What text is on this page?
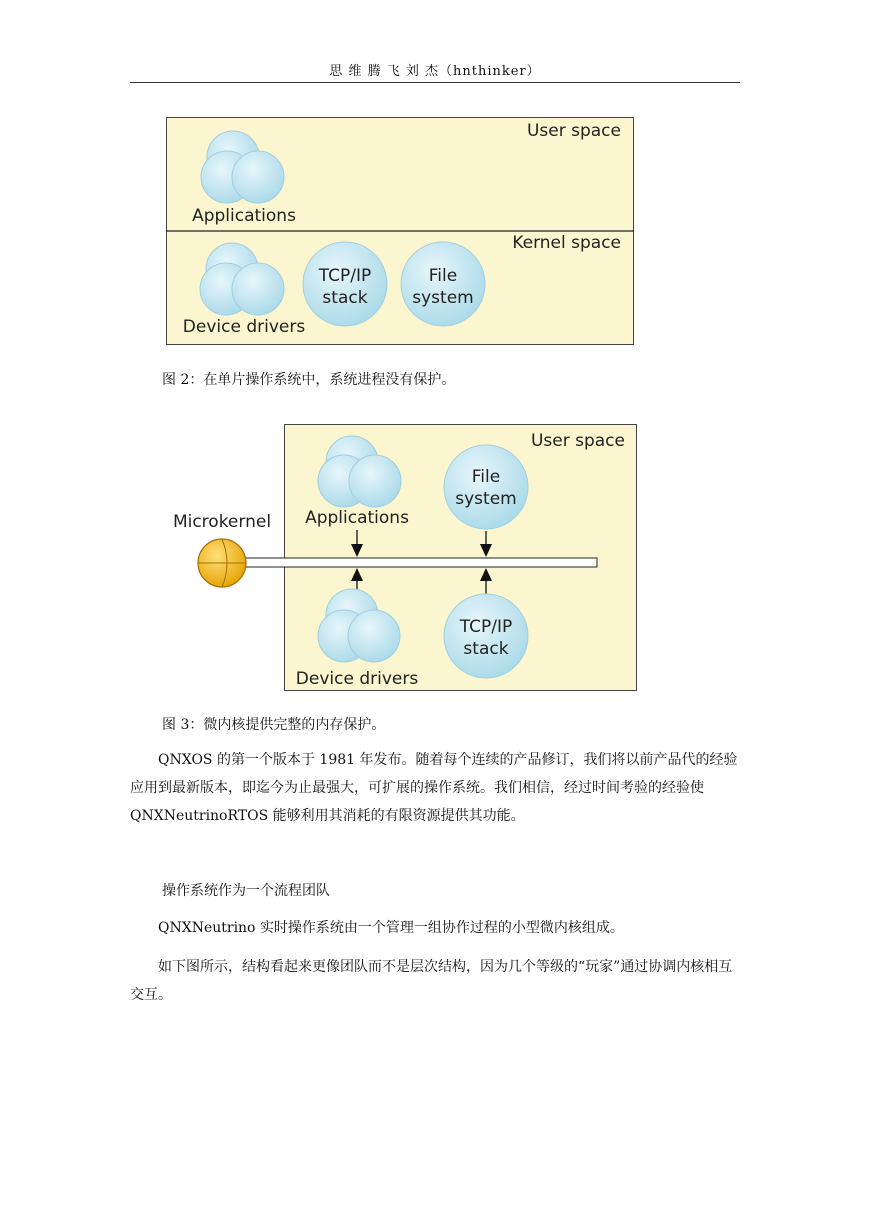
思 维 腾 飞 刘 杰（hnthinker）
User space
Kernel space
Applications
Device drivers
TCP/IP
stack
File
system
图 2：在单片操作系统中，系统进程没有保护。
User space
Applications
File
system
Microkernel
Device drivers
TCP/IP
stack
图 3：微内核提供完整的内存保护。

QNXOS 的第一个版本于 1981 年发布。随着每个连续的产品修订，我们将以前产品代的经验应用到最新版本，即迄今为止最强大，可扩展的操作系统。我们相信，经过时间考验的经验使 QNXNeutrinoRTOS 能够利用其消耗的有限资源提供其功能。

操作系统作为一个流程团队

QNXNeutrino 实时操作系统由一个管理一组协作过程的小型微内核组成。

如下图所示，结构看起来更像团队而不是层次结构，因为几个等级的“玩家”通过协调内核相互交互。
